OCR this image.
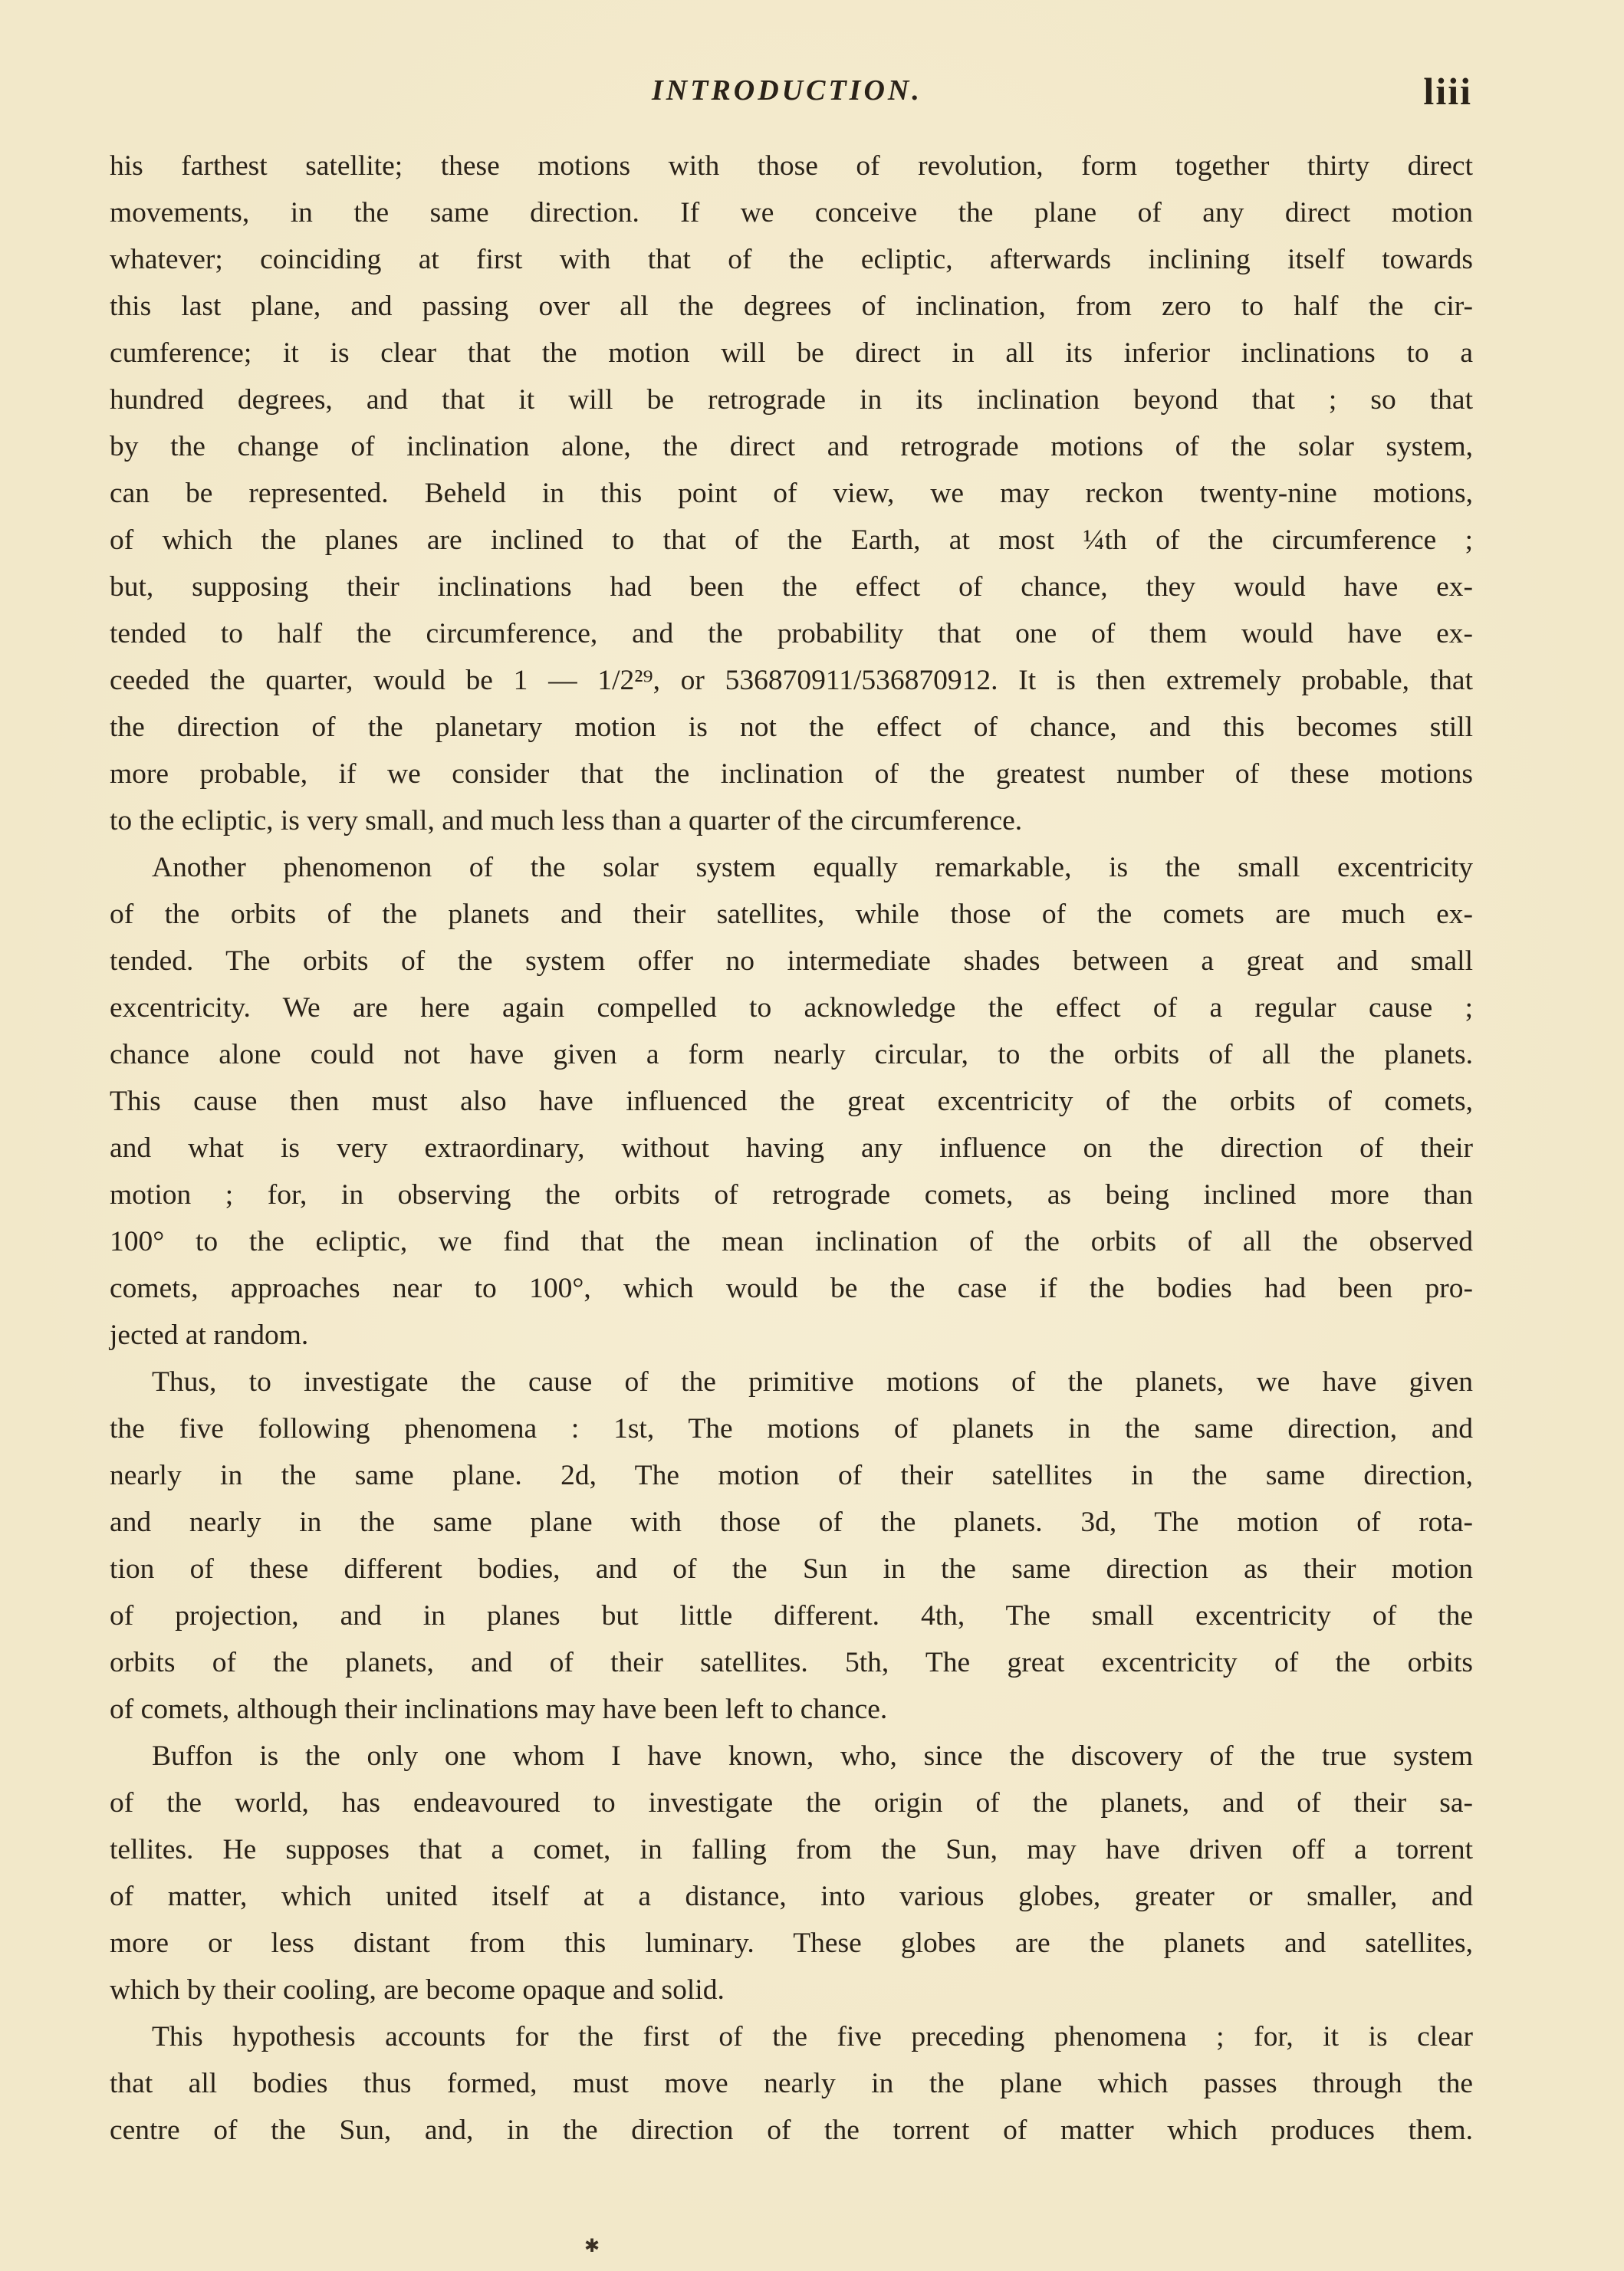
INTRODUCTION.	liii
his farthest satellite; these motions with those of revolution, form together thirty direct
movements, in the same direction. If we conceive the plane of any direct motion
whatever; coinciding at first with that of the ecliptic, afterwards inclining itself towards
this last plane, and passing over all the degrees of inclination, from zero to half the cir-
cumference; it is clear that the motion will be direct in all its inferior inclinations to a
hundred degrees, and that it will be retrograde in its inclination beyond that ; so that
by the change of inclination alone, the direct and retrograde motions of the solar system,
can be represented. Beheld in this point of view, we may reckon twenty-nine motions,
of which the planes are inclined to that of the Earth, at most ¼th of the circumference ;
but, supposing their inclinations had been the effect of chance, they would have ex-
tended to half the circumference, and the probability that one of them would have ex-
ceeded the quarter, would be 1 — 1/2²⁹, or 536870911/536870912. It is then extremely probable, that
the direction of the planetary motion is not the effect of chance, and this becomes still
more probable, if we consider that the inclination of the greatest number of these motions
to the ecliptic, is very small, and much less than a quarter of the circumference.
Another phenomenon of the solar system equally remarkable, is the small excentricity
of the orbits of the planets and their satellites, while those of the comets are much ex-
tended. The orbits of the system offer no intermediate shades between a great and small
excentricity. We are here again compelled to acknowledge the effect of a regular cause ;
chance alone could not have given a form nearly circular, to the orbits of all the planets.
This cause then must also have influenced the great excentricity of the orbits of comets,
and what is very extraordinary, without having any influence on the direction of their
motion ; for, in observing the orbits of retrograde comets, as being inclined more than
100° to the ecliptic, we find that the mean inclination of the orbits of all the observed
comets, approaches near to 100°, which would be the case if the bodies had been pro-
jected at random.
Thus, to investigate the cause of the primitive motions of the planets, we have given
the five following phenomena : 1st, The motions of planets in the same direction, and
nearly in the same plane. 2d, The motion of their satellites in the same direction,
and nearly in the same plane with those of the planets. 3d, The motion of rota-
tion of these different bodies, and of the Sun in the same direction as their motion
of projection, and in planes but little different. 4th, The small excentricity of the
orbits of the planets, and of their satellites. 5th, The great excentricity of the orbits
of comets, although their inclinations may have been left to chance.
Buffon is the only one whom I have known, who, since the discovery of the true system
of the world, has endeavoured to investigate the origin of the planets, and of their sa-
tellites. He supposes that a comet, in falling from the Sun, may have driven off a torrent
of matter, which united itself at a distance, into various globes, greater or smaller, and
more or less distant from this luminary. These globes are the planets and satellites,
which by their cooling, are become opaque and solid.
This hypothesis accounts for the first of the five preceding phenomena ; for, it is clear
that all bodies thus formed, must move nearly in the plane which passes through the
centre of the Sun, and, in the direction of the torrent of matter which produces them.
✱
